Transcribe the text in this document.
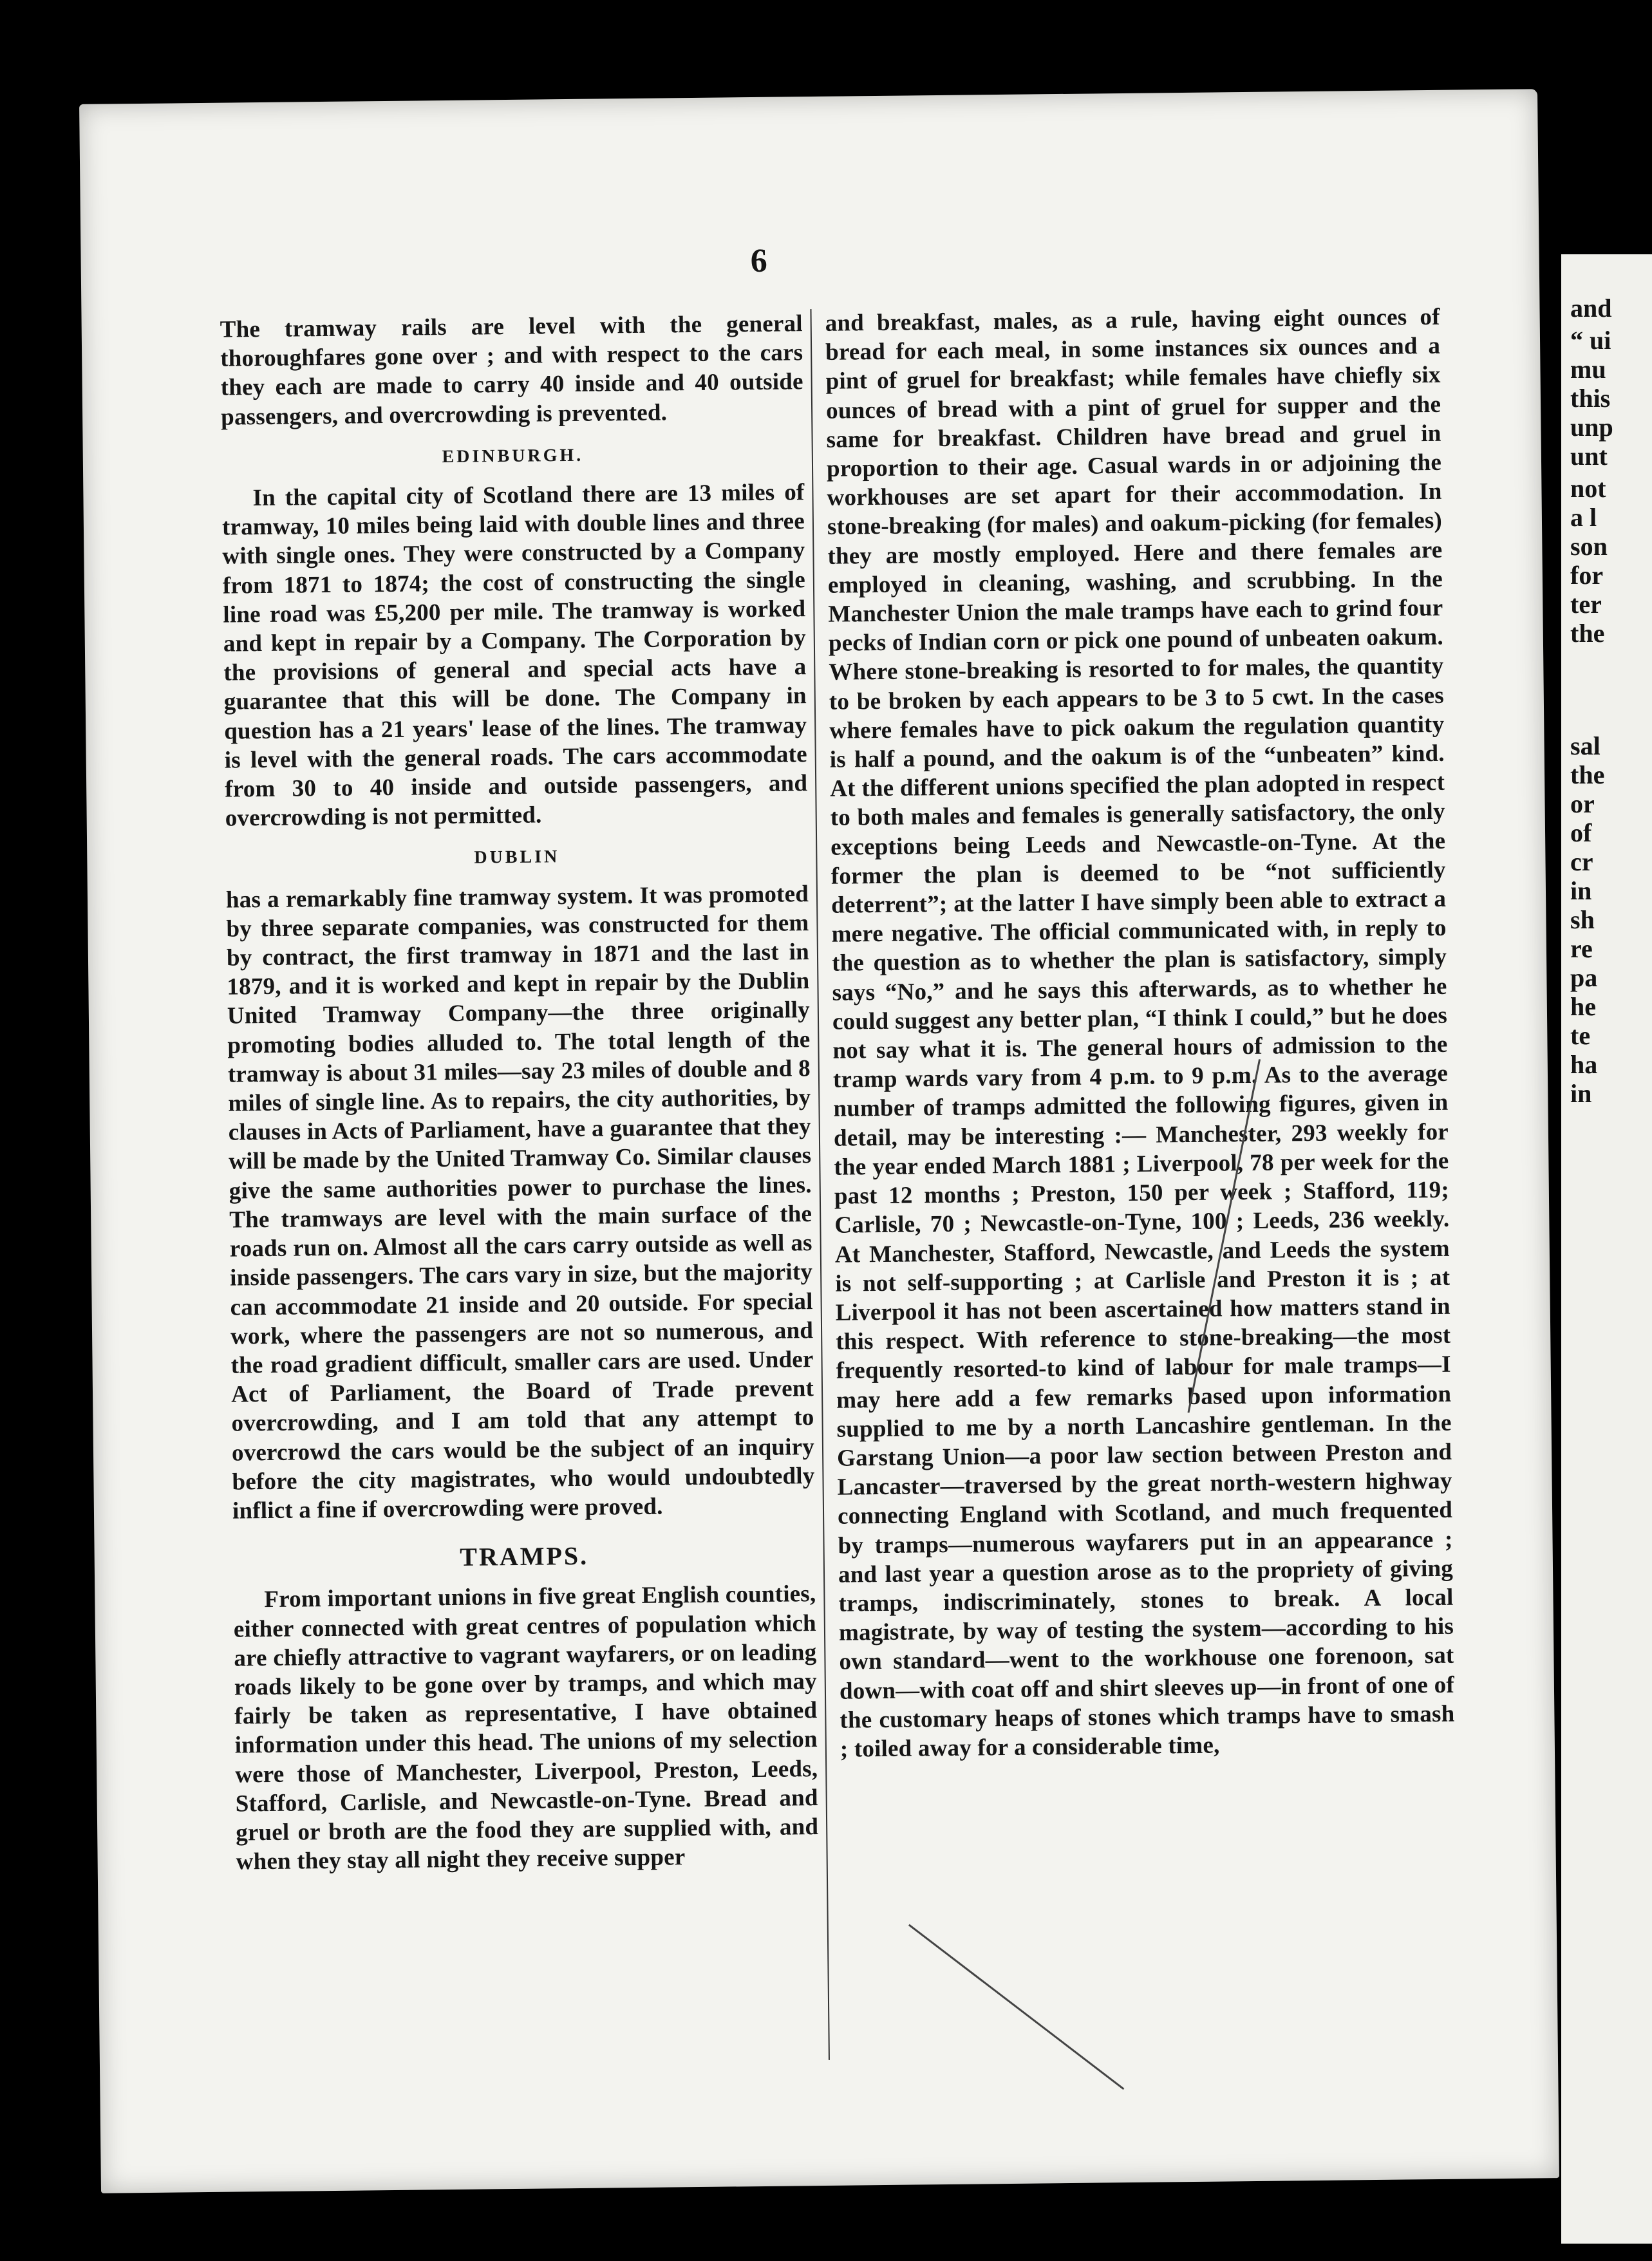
6

The tramway rails are level with the general thoroughfares gone over ; and with respect to the cars they each are made to carry 40 inside and 40 outside passengers, and overcrowding is prevented.

EDINBURGH.

In the capital city of Scotland there are 13 miles of tramway, 10 miles being laid with double lines and three with single ones. They were constructed by a Company from 1871 to 1874; the cost of constructing the single line road was £5,200 per mile. The tramway is worked and kept in repair by a Company. The Corporation by the provisions of general and special acts have a guarantee that this will be done. The Company in question has a 21 years' lease of the lines. The tramway is level with the general roads. The cars accommodate from 30 to 40 inside and outside passengers, and overcrowding is not permitted.

DUBLIN

has a remarkably fine tramway system. It was promoted by three separate companies, was constructed for them by contract, the first tramway in 1871 and the last in 1879, and it is worked and kept in repair by the Dublin United Tramway Company—the three originally promoting bodies alluded to. The total length of the tramway is about 31 miles—say 23 miles of double and 8 miles of single line. As to repairs, the city authorities, by clauses in Acts of Parliament, have a guarantee that they will be made by the United Tramway Co. Similar clauses give the same authorities power to purchase the lines. The tramways are level with the main surface of the roads run on. Almost all the cars carry outside as well as inside passengers. The cars vary in size, but the majority can accommodate 21 inside and 20 outside. For special work, where the passengers are not so numerous, and the road gradient difficult, smaller cars are used. Under Act of Parliament, the Board of Trade prevent overcrowding, and I am told that any attempt to overcrowd the cars would be the subject of an inquiry before the city magistrates, who would undoubtedly inflict a fine if overcrowding were proved.

TRAMPS.

From important unions in five great English counties, either connected with great centres of population which are chiefly attractive to vagrant wayfarers, or on leading roads likely to be gone over by tramps, and which may fairly be taken as representative, I have obtained information under this head. The unions of my selection were those of Manchester, Liverpool, Preston, Leeds, Stafford, Carlisle, and Newcastle-on-Tyne. Bread and gruel or broth are the food they are supplied with, and when they stay all night they receive supper

and breakfast, males, as a rule, having eight ounces of bread for each meal, in some instances six ounces and a pint of gruel for breakfast; while females have chiefly six ounces of bread with a pint of gruel for supper and the same for breakfast. Children have bread and gruel in proportion to their age. Casual wards in or adjoining the workhouses are set apart for their accommodation. In stone-breaking (for males) and oakum-picking (for females) they are mostly employed. Here and there females are employed in cleaning, washing, and scrubbing. In the Manchester Union the male tramps have each to grind four pecks of Indian corn or pick one pound of unbeaten oakum. Where stone-breaking is resorted to for males, the quantity to be broken by each appears to be 3 to 5 cwt. In the cases where females have to pick oakum the regulation quantity is half a pound, and the oakum is of the “unbeaten” kind. At the different unions specified the plan adopted in respect to both males and females is generally satisfactory, the only exceptions being Leeds and Newcastle-on-Tyne. At the former the plan is deemed to be “not sufficiently deterrent”; at the latter I have simply been able to extract a mere negative. The official communicated with, in reply to the question as to whether the plan is satisfactory, simply says “No,” and he says this afterwards, as to whether he could suggest any better plan, “I think I could,” but he does not say what it is. The general hours of admission to the tramp wards vary from 4 p.m. to 9 p.m. As to the average number of tramps admitted the following figures, given in detail, may be interesting :— Manchester, 293 weekly for the year ended March 1881 ; Liverpool, 78 per week for the past 12 months ; Preston, 150 per week ; Stafford, 119; Carlisle, 70 ; Newcastle-on-Tyne, 100 ; Leeds, 236 weekly. At Manchester, Stafford, Newcastle, and Leeds the system is not self-supporting ; at Carlisle and Preston it is ; at Liverpool it has not been ascertained how matters stand in this respect. With reference to stone-breaking—the most frequently resorted-to kind of labour for male tramps—I may here add a few remarks based upon information supplied to me by a north Lancashire gentleman. In the Garstang Union—a poor law section between Preston and Lancaster—traversed by the great north-western highway connecting England with Scotland, and much frequented by tramps—numerous wayfarers put in an appearance ; and last year a question arose as to the propriety of giving tramps, indiscriminately, stones to break. A local magistrate, by way of testing the system—according to his own standard—went to the workhouse one forenoon, sat down—with coat off and shirt sleeves up—in front of one of the customary heaps of stones which tramps have to smash ; toiled away for a considerable time,

and
“ ui
mu
this
unp
unt
not
a l
son
for
ter
the
sal
the
or
of
cr
in
sh
re
pa
he
te
ha
in
